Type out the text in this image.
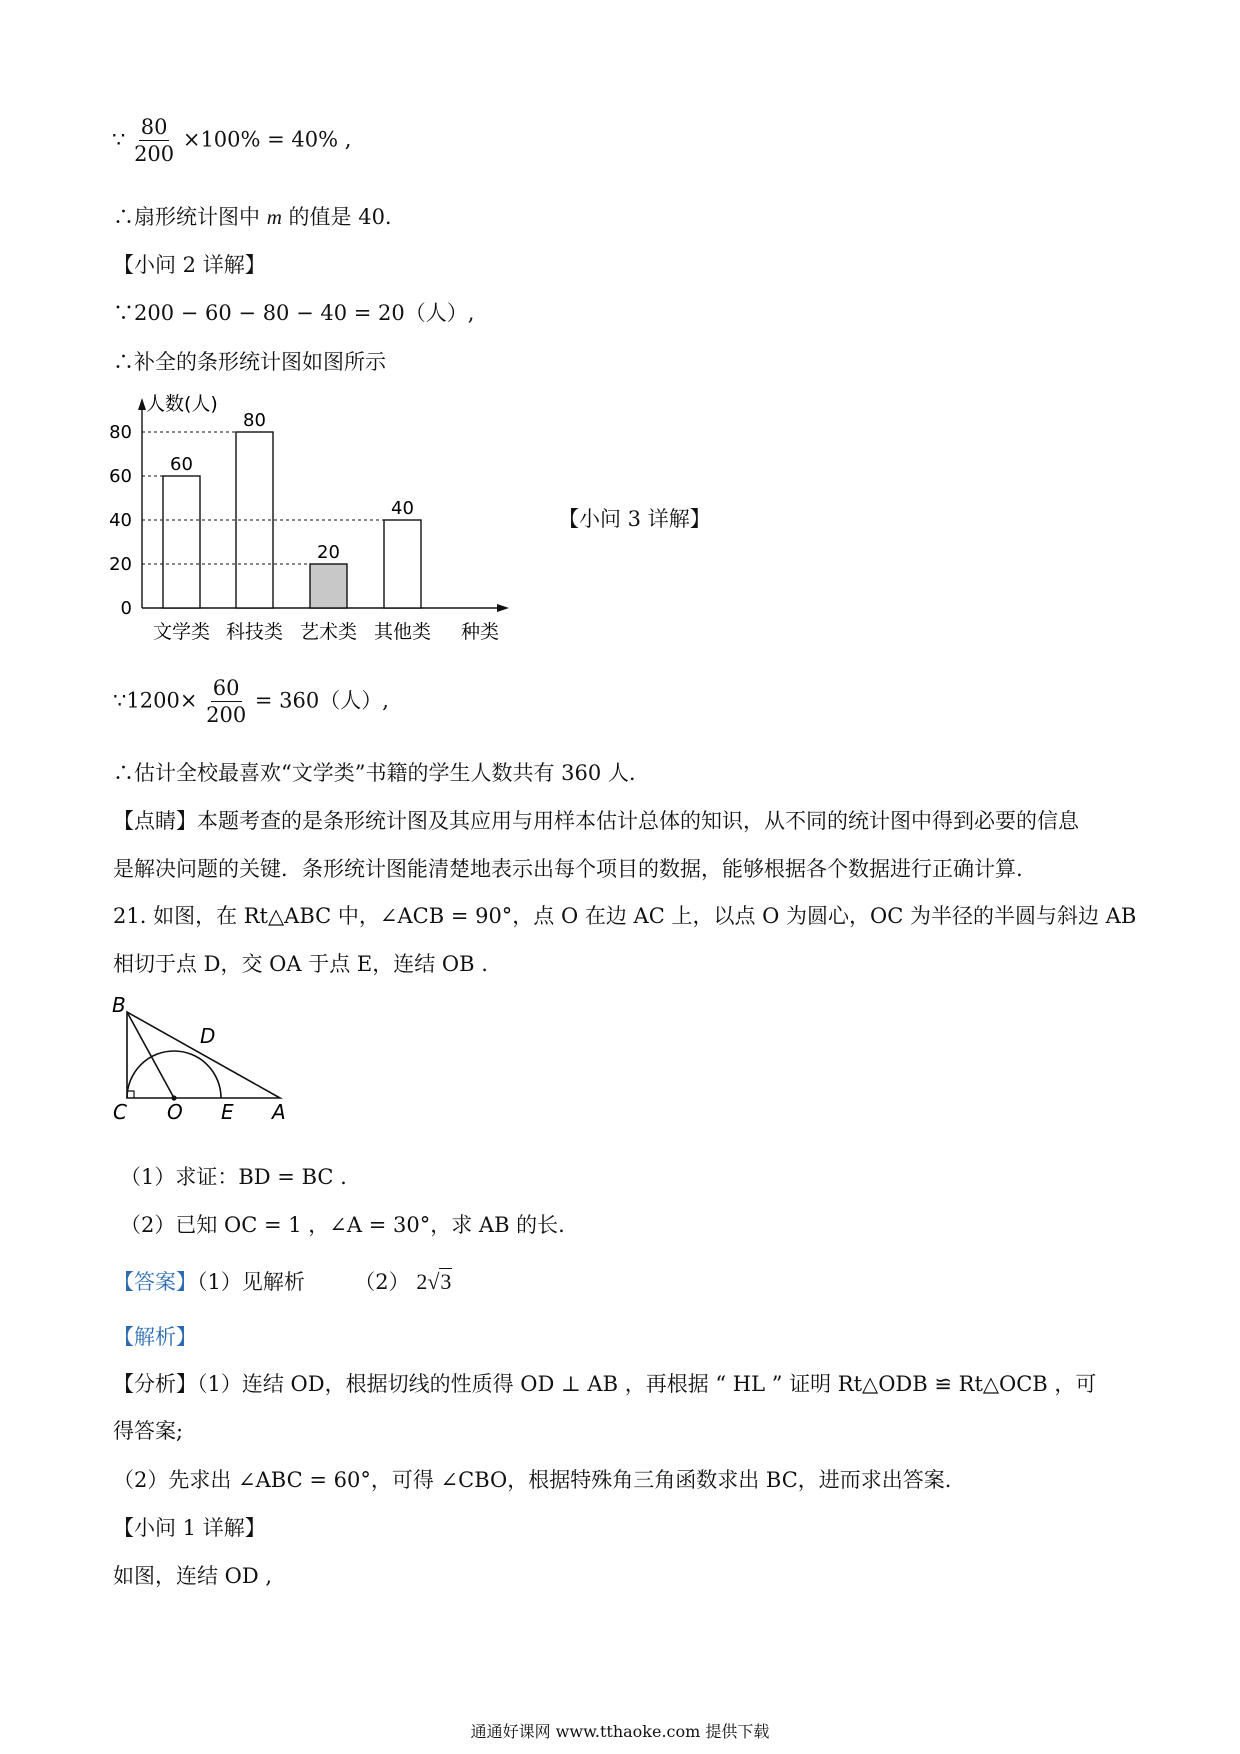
∵ $\frac{80}{200} \times 100\% = 40\%$ ,
∴扇形统计图中 m 的值是 40.
【小问 2 详解】
∵200 − 60 − 80 − 40 = 20（人）,
∴补全的条形统计图如图所示
人数(人)
0
20
40
60
80
60
文学类
80
科技类
20
艺术类
40
其他类 种类
【小问 3 详解】
∵1200× $\frac{60}{200} = 360$（人）,
∴估计全校最喜欢“文学类”书籍的学生人数共有 360 人.
【点睛】本题考查的是条形统计图及其应用与用样本估计总体的知识，从不同的统计图中得到必要的信息
是解决问题的关键．条形统计图能清楚地表示出每个项目的数据，能够根据各个数据进行正确计算.
21. 如图，在 Rt△ABC 中，∠ACB = 90°，点 O 在边 AC 上，以点 O 为圆心，OC 为半径的半圆与斜边 AB
相切于点 D，交 OA 于点 E，连结 OB .
B
D
C O E A
（1）求证：BD = BC .
（2）已知 OC = 1 ，∠A = 30°，求 AB 的长.
【答案】（1）见解析 （2） 2√3
【解析】
【分析】（1）连结 OD，根据切线的性质得 OD ⊥ AB ，再根据 “ HL ” 证明 Rt△ODB ≌ Rt△OCB ，可
得答案;
（2）先求出 ∠ABC = 60°，可得 ∠CBO，根据特殊角三角函数求出 BC，进而求出答案.
【小问 1 详解】
如图，连结 OD ,
通通好课网 www.tthaoke.com 提供下载
